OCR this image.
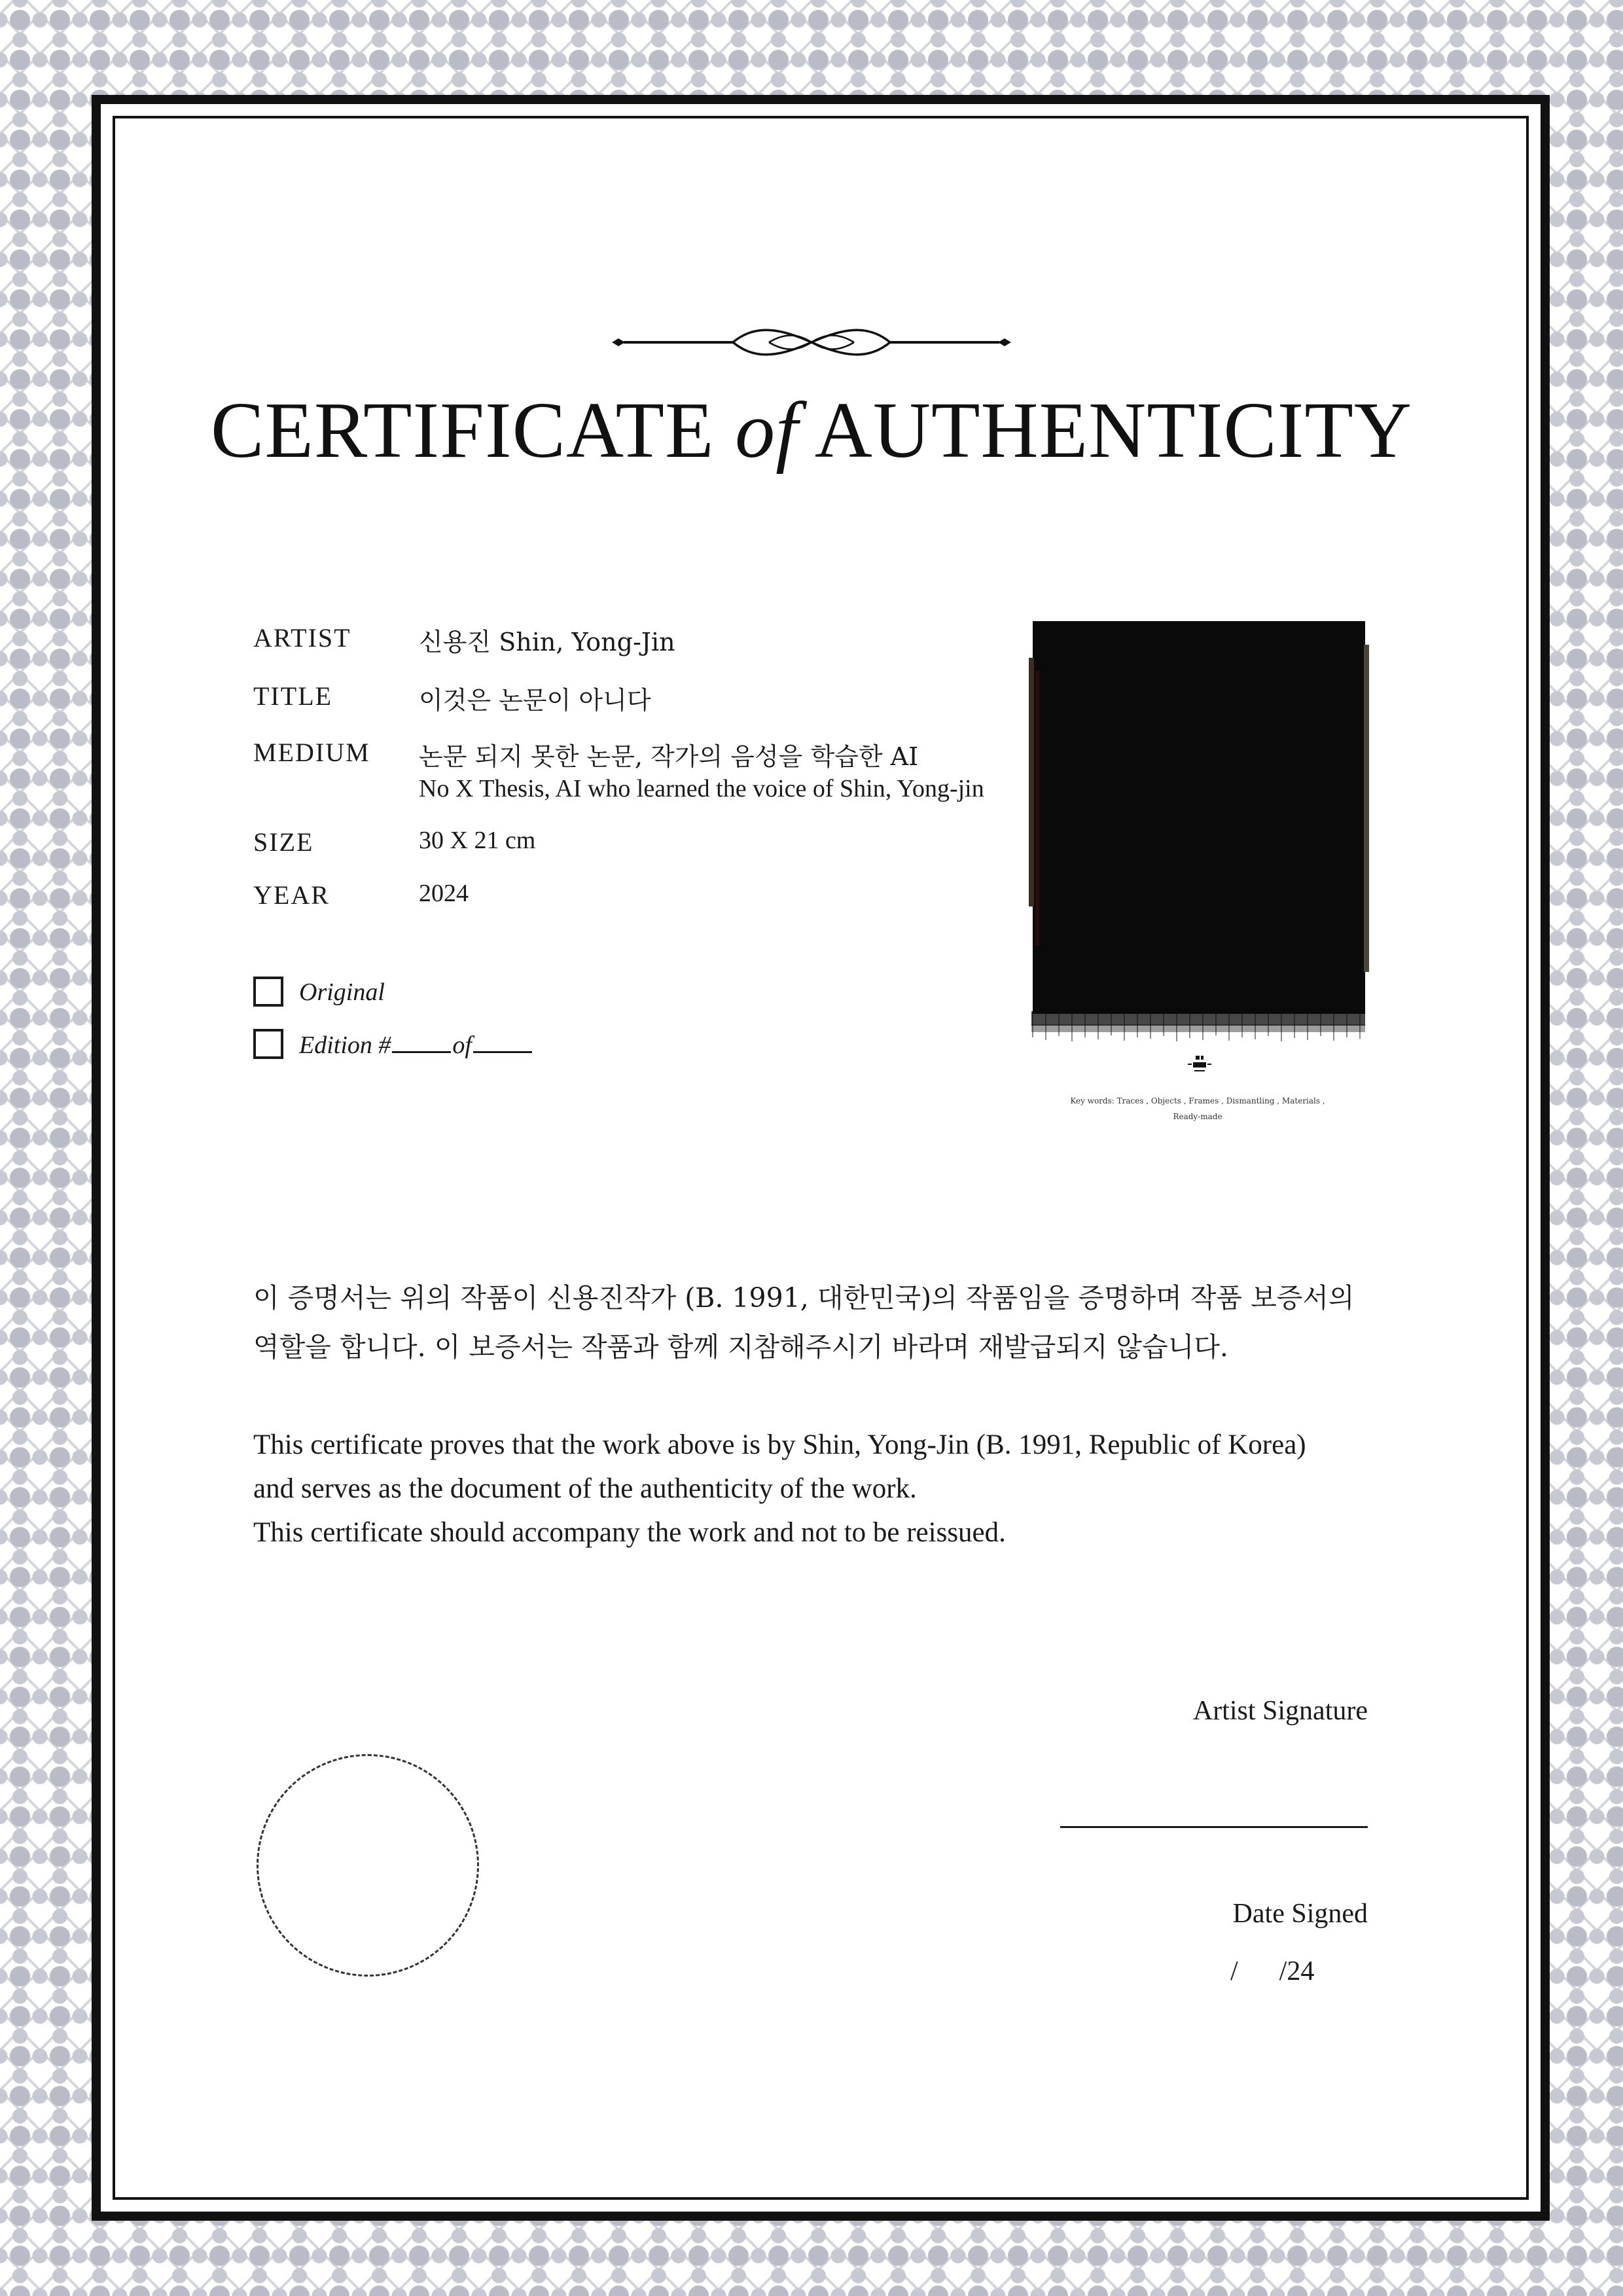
CERTIFICATE of AUTHENTICITY
ARTIST	신용진 Shin, Yong-Jin
TITLE	이것은 논문이 아니다
MEDIUM 논문 되지 못한 논문, 작가의 음성을 학습한 AI
No X Thesis, AI who learned the voice of Shin, Yong-jin
SIZE	30 X 21 cm
YEAR	2024
Original
Edition # of
Key words: Traces , Objects , Frames , Dismantling , Materials ,
Ready-made
이 증명서는 위의 작품이 신용진작가 (B. 1991, 대한민국)의 작품임을 증명하며 작품 보증서의
역할을 합니다. 이 보증서는 작품과 함께 지참해주시기 바라며 재발급되지 않습니다.
This certificate proves that the work above is by Shin, Yong-Jin (B. 1991, Republic of Korea)
and serves as the document of the authenticity of the work.
This certificate should accompany the work and not to be reissued.
Artist Signature
Date Signed
/      /24
